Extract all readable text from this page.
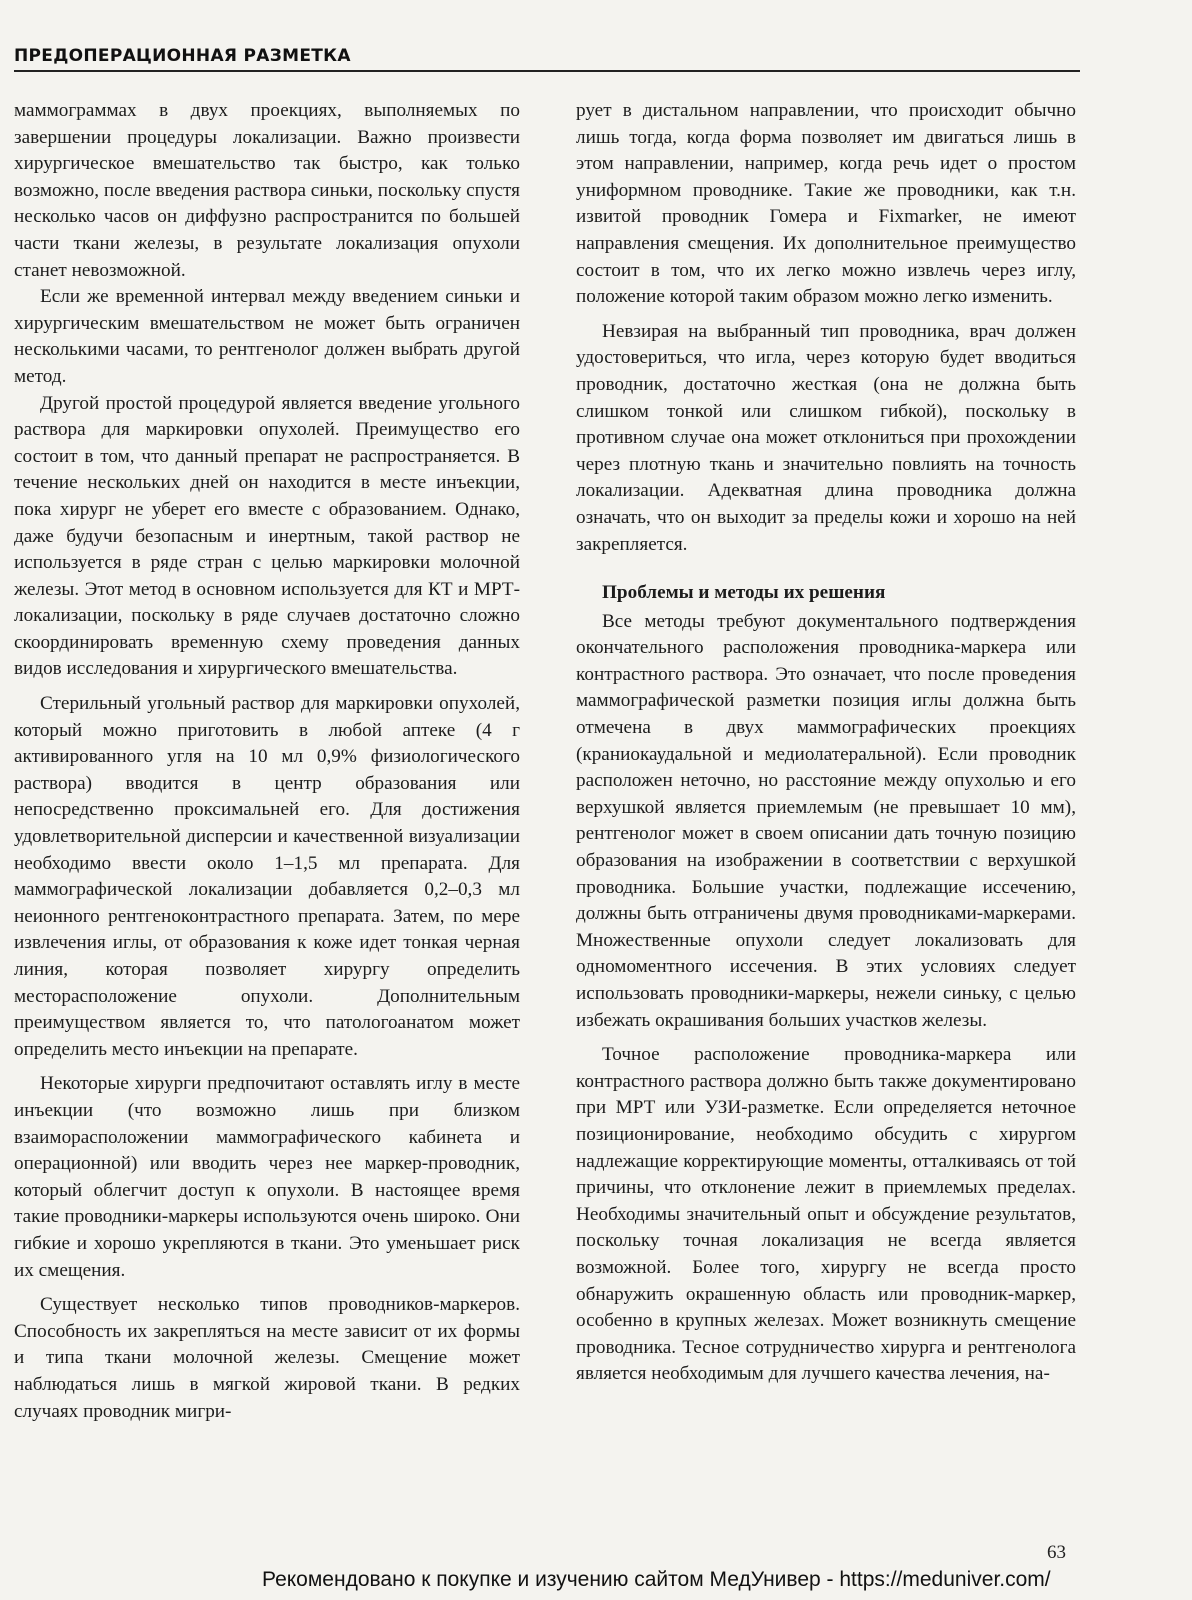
ПРЕДОПЕРАЦИОННАЯ РАЗМЕТКА

маммограммах в двух проекциях, выполняемых по завершении процедуры локализации. Важно произвести хирургическое вмешательство так быстро, как только возможно, после введения раствора синьки, поскольку спустя несколько часов он диффузно распространится по большей части ткани железы, в результате локализация опухоли станет невозможной.

Если же временной интервал между введением синьки и хирургическим вмешательством не может быть ограничен несколькими часами, то рентгенолог должен выбрать другой метод.

Другой простой процедурой является введение угольного раствора для маркировки опухолей. Преимущество его состоит в том, что данный препарат не распространяется. В течение нескольких дней он находится в месте инъекции, пока хирург не уберет его вместе с образованием. Однако, даже будучи безопасным и инертным, такой раствор не используется в ряде стран с целью маркировки молочной железы. Этот метод в основном используется для КТ и МРТ-локализации, поскольку в ряде случаев достаточно сложно скоординировать временную схему проведения данных видов исследования и хирургического вмешательства.

Стерильный угольный раствор для маркировки опухолей, который можно приготовить в любой аптеке (4 г активированного угля на 10 мл 0,9% физиологического раствора) вводится в центр образования или непосредственно проксимальней его. Для достижения удовлетворительной дисперсии и качественной визуализации необходимо ввести около 1–1,5 мл препарата. Для маммографической локализации добавляется 0,2–0,3 мл неионного рентгеноконтрастного препарата. Затем, по мере извлечения иглы, от образования к коже идет тонкая черная линия, которая позволяет хирургу определить месторасположение опухоли. Дополнительным преимуществом является то, что патологоанатом может определить место инъекции на препарате.

Некоторые хирурги предпочитают оставлять иглу в месте инъекции (что возможно лишь при близком взаиморасположении маммографического кабинета и операционной) или вводить через нее маркер-проводник, который облегчит доступ к опухоли. В настоящее время такие проводники-маркеры используются очень широко. Они гибкие и хорошо укрепляются в ткани. Это уменьшает риск их смещения.

Существует несколько типов проводников-маркеров. Способность их закрепляться на месте зависит от их формы и типа ткани молочной железы. Смещение может наблюдаться лишь в мягкой жировой ткани. В редких случаях проводник мигри-

рует в дистальном направлении, что происходит обычно лишь тогда, когда форма позволяет им двигаться лишь в этом направлении, например, когда речь идет о простом униформном проводнике. Такие же проводники, как т.н. извитой проводник Гомера и Fixmarker, не имеют направления смещения. Их дополнительное преимущество состоит в том, что их легко можно извлечь через иглу, положение которой таким образом можно легко изменить.

Невзирая на выбранный тип проводника, врач должен удостовериться, что игла, через которую будет вводиться проводник, достаточно жесткая (она не должна быть слишком тонкой или слишком гибкой), поскольку в противном случае она может отклониться при прохождении через плотную ткань и значительно повлиять на точность локализации. Адекватная длина проводника должна означать, что он выходит за пределы кожи и хорошо на ней закрепляется.

Проблемы и методы их решения

Все методы требуют документального подтверждения окончательного расположения проводника-маркера или контрастного раствора. Это означает, что после проведения маммографической разметки позиция иглы должна быть отмечена в двух маммографических проекциях (краниокаудальной и медиолатеральной). Если проводник расположен неточно, но расстояние между опухолью и его верхушкой является приемлемым (не превышает 10 мм), рентгенолог может в своем описании дать точную позицию образования на изображении в соответствии с верхушкой проводника. Большие участки, подлежащие иссечению, должны быть отграничены двумя проводниками-маркерами. Множественные опухоли следует локализовать для одномоментного иссечения. В этих условиях следует использовать проводники-маркеры, нежели синьку, с целью избежать окрашивания больших участков железы.

Точное расположение проводника-маркера или контрастного раствора должно быть также документировано при МРТ или УЗИ-разметке. Если определяется неточное позиционирование, необходимо обсудить с хирургом надлежащие корректирующие моменты, отталкиваясь от той причины, что отклонение лежит в приемлемых пределах. Необходимы значительный опыт и обсуждение результатов, поскольку точная локализация не всегда является возможной. Более того, хирургу не всегда просто обнаружить окрашенную область или проводник-маркер, особенно в крупных железах. Может возникнуть смещение проводника. Тесное сотрудничество хирурга и рентгенолога является необходимым для лучшего качества лечения, на-

63
Рекомендовано к покупке и изучению сайтом МедУнивер - https://meduniver.com/
